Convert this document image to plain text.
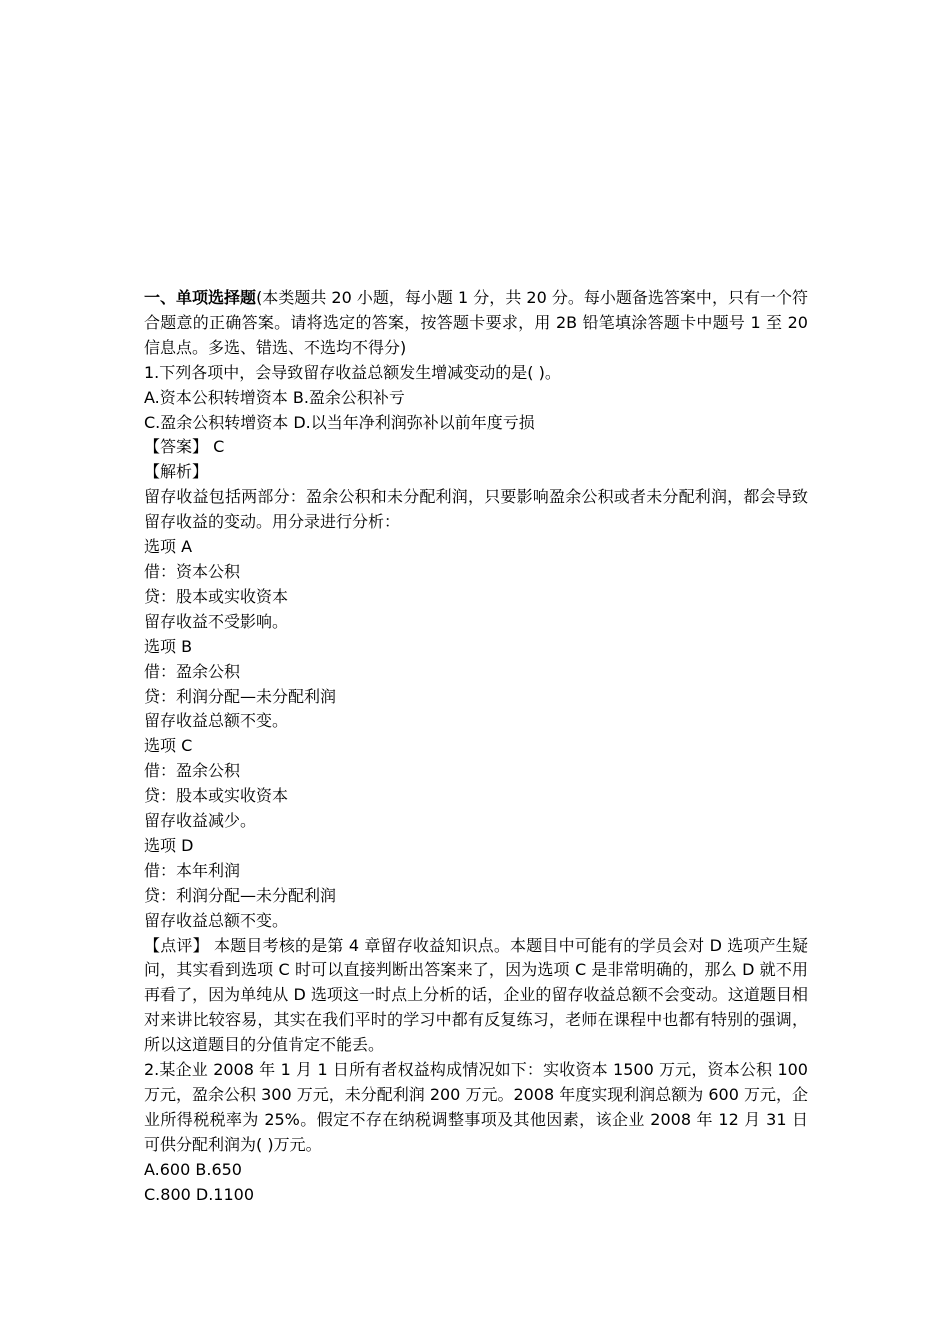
一、单项选择题(本类题共 20 小题，每小题 1 分，共 20 分。每小题备选答案中，只有一个符合题意的正确答案。请将选定的答案，按答题卡要求，用 2B 铅笔填涂答题卡中题号 1 至 20 信息点。多选、错选、不选均不得分)

1.下列各项中，会导致留存收益总额发生增减变动的是( )。

A.资本公积转增资本 B.盈余公积补亏

C.盈余公积转增资本 D.以当年净利润弥补以前年度亏损

【答案】 C

【解析】

留存收益包括两部分：盈余公积和未分配利润，只要影响盈余公积或者未分配利润，都会导致留存收益的变动。用分录进行分析：

选项 A

借：资本公积

贷：股本或实收资本

留存收益不受影响。

选项 B

借：盈余公积

贷：利润分配—未分配利润

留存收益总额不变。

选项 C

借：盈余公积

贷：股本或实收资本

留存收益减少。

选项 D

借：本年利润

贷：利润分配—未分配利润

留存收益总额不变。

【点评】 本题目考核的是第 4 章留存收益知识点。本题目中可能有的学员会对 D 选项产生疑问，其实看到选项 C 时可以直接判断出答案来了，因为选项 C 是非常明确的，那么 D 就不用再看了，因为单纯从 D 选项这一时点上分析的话，企业的留存收益总额不会变动。这道题目相对来讲比较容易，其实在我们平时的学习中都有反复练习，老师在课程中也都有特别的强调，所以这道题目的分值肯定不能丢。

2.某企业 2008 年 1 月 1 日所有者权益构成情况如下：实收资本 1500 万元，资本公积 100 万元，盈余公积 300 万元，未分配利润 200 万元。2008 年度实现利润总额为 600 万元，企业所得税税率为 25%。假定不存在纳税调整事项及其他因素，该企业 2008 年 12 月 31 日可供分配利润为( )万元。

A.600 B.650

C.800 D.1100
